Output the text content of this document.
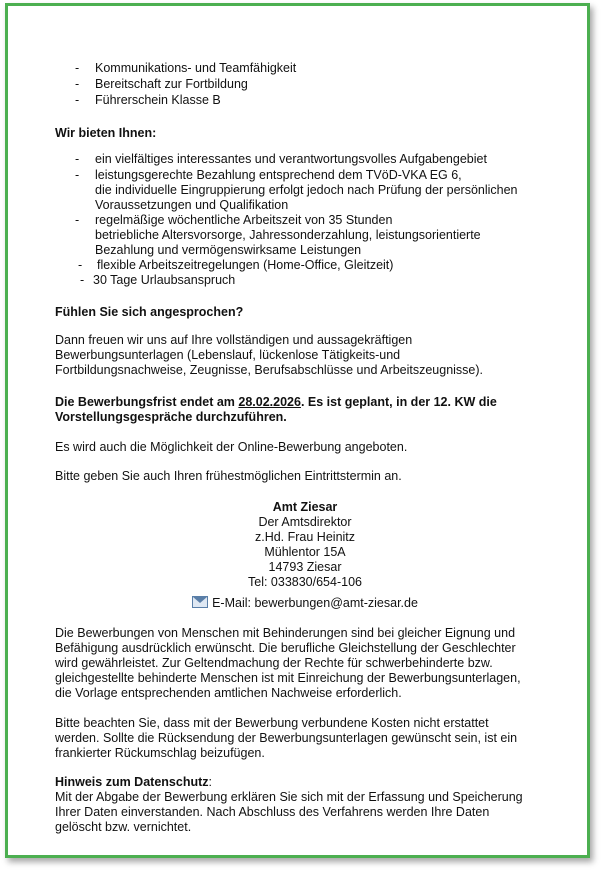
- Kommunikations- und Teamfähigkeit
- Bereitschaft zur Fortbildung
- Führerschein Klasse B
Wir bieten Ihnen:
- ein vielfältiges interessantes und verantwortungsvolles Aufgabengebiet
- leistungsgerechte Bezahlung entsprechend dem TVöD-VKA EG 6,
die individuelle Eingruppierung erfolgt jedoch nach Prüfung der persönlichen
Voraussetzungen und Qualifikation
- regelmäßige wöchentliche Arbeitszeit von 35 Stunden
betriebliche Altersvorsorge, Jahressonderzahlung, leistungsorientierte
Bezahlung und vermögenswirksame Leistungen
- flexible Arbeitszeitregelungen (Home-Office, Gleitzeit)
- 30 Tage Urlaubsanspruch
Fühlen Sie sich angesprochen?
Dann freuen wir uns auf Ihre vollständigen und aussagekräftigen
Bewerbungsunterlagen (Lebenslauf, lückenlose Tätigkeits-und
Fortbildungsnachweise, Zeugnisse, Berufsabschlüsse und Arbeitszeugnisse).
Die Bewerbungsfrist endet am 28.02.2026. Es ist geplant, in der 12. KW die
Vorstellungsgespräche durchzuführen.
Es wird auch die Möglichkeit der Online-Bewerbung angeboten.
Bitte geben Sie auch Ihren frühestmöglichen Eintrittstermin an.
Amt Ziesar
Der Amtsdirektor
z.Hd. Frau Heinitz
Mühlentor 15A
14793 Ziesar
Tel: 033830/654-106
E-Mail: bewerbungen@amt-ziesar.de
Die Bewerbungen von Menschen mit Behinderungen sind bei gleicher Eignung und
Befähigung ausdrücklich erwünscht. Die berufliche Gleichstellung der Geschlechter
wird gewährleistet. Zur Geltendmachung der Rechte für schwerbehinderte bzw.
gleichgestellte behinderte Menschen ist mit Einreichung der Bewerbungsunterlagen,
die Vorlage entsprechenden amtlichen Nachweise erforderlich.
Bitte beachten Sie, dass mit der Bewerbung verbundene Kosten nicht erstattet
werden. Sollte die Rücksendung der Bewerbungsunterlagen gewünscht sein, ist ein
frankierter Rückumschlag beizufügen.
Hinweis zum Datenschutz:
Mit der Abgabe der Bewerbung erklären Sie sich mit der Erfassung und Speicherung
Ihrer Daten einverstanden. Nach Abschluss des Verfahrens werden Ihre Daten
gelöscht bzw. vernichtet.
